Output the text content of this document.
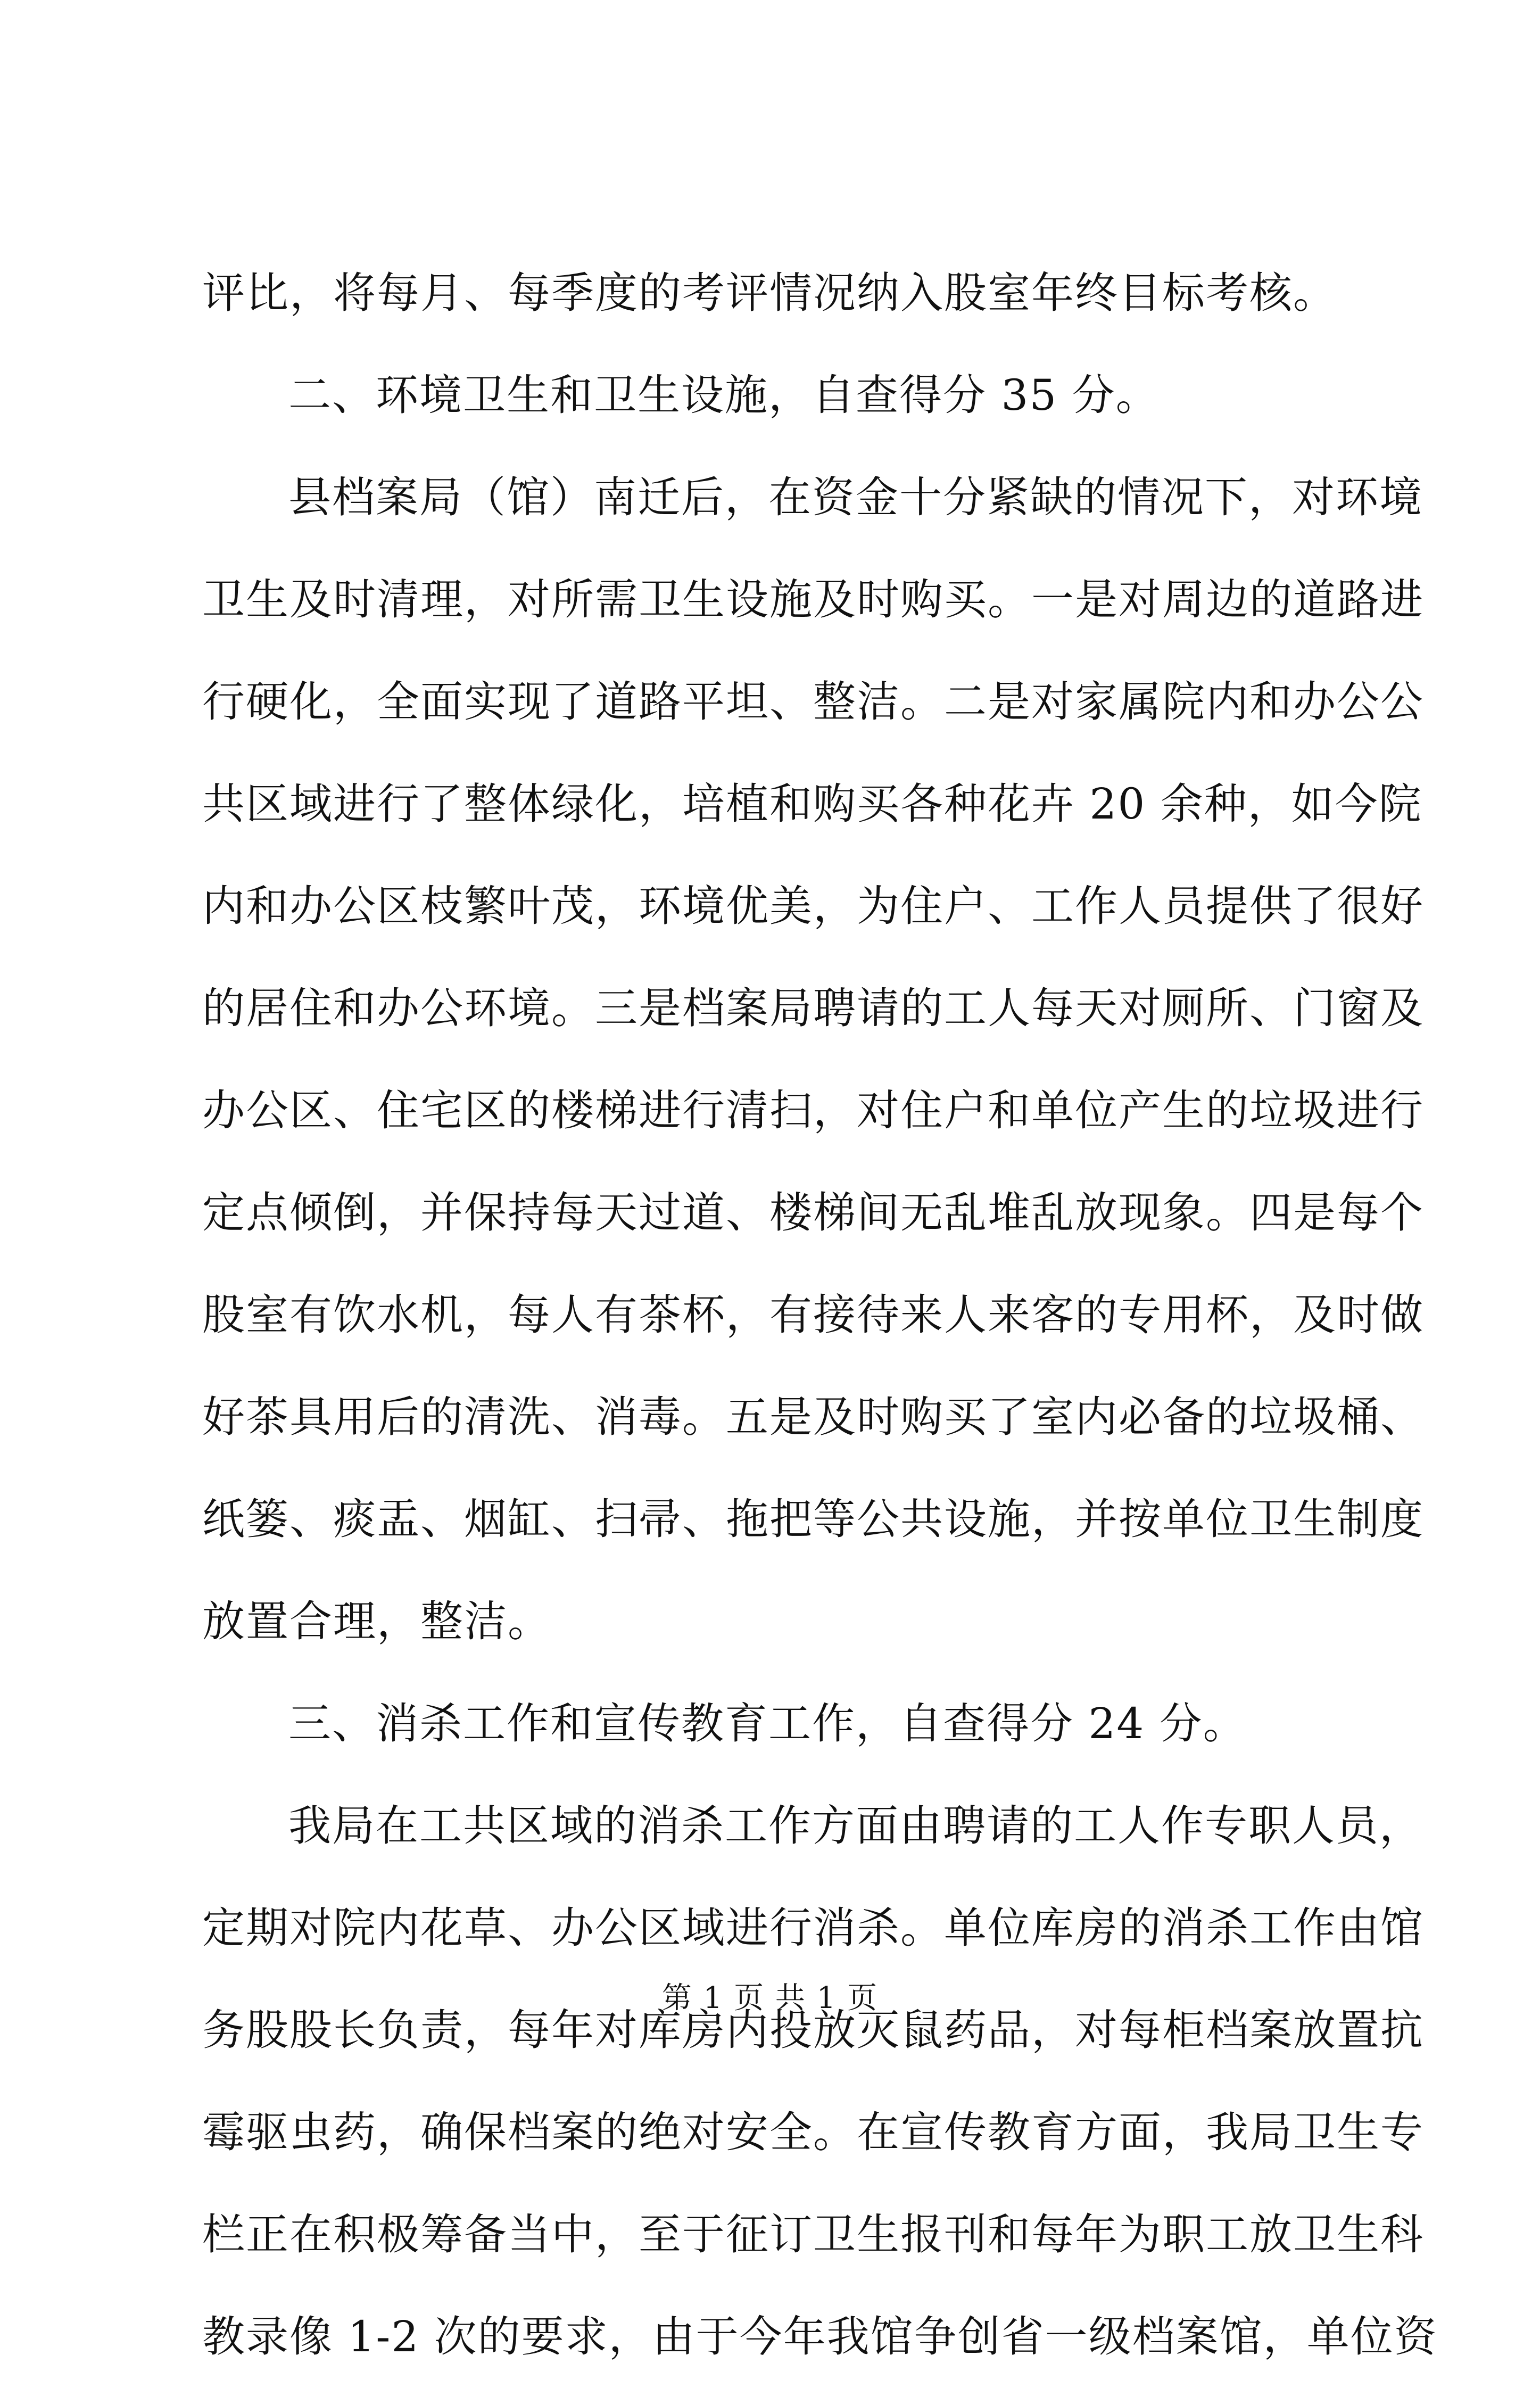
评比，将每月、每季度的考评情况纳入股室年终目标考核。
二、环境卫生和卫生设施，自查得分 35 分。
县档案局（馆）南迁后，在资金十分紧缺的情况下，对环境
卫生及时清理，对所需卫生设施及时购买。一是对周边的道路进
行硬化，全面实现了道路平坦、整洁。二是对家属院内和办公公
共区域进行了整体绿化，培植和购买各种花卉 20 余种，如今院
内和办公区枝繁叶茂，环境优美，为住户、工作人员提供了很好
的居住和办公环境。三是档案局聘请的工人每天对厕所、门窗及
办公区、住宅区的楼梯进行清扫，对住户和单位产生的垃圾进行
定点倾倒，并保持每天过道、楼梯间无乱堆乱放现象。四是每个
股室有饮水机，每人有茶杯，有接待来人来客的专用杯，及时做
好茶具用后的清洗、消毒。五是及时购买了室内必备的垃圾桶、
纸篓、痰盂、烟缸、扫帚、拖把等公共设施，并按单位卫生制度
放置合理，整洁。
三、消杀工作和宣传教育工作，自查得分 24 分。
我局在工共区域的消杀工作方面由聘请的工人作专职人员，
定期对院内花草、办公区域进行消杀。单位库房的消杀工作由馆
务股股长负责，每年对库房内投放灭鼠药品，对每柜档案放置抗
霉驱虫药，确保档案的绝对安全。在宣传教育方面，我局卫生专
栏正在积极筹备当中，至于征订卫生报刊和每年为职工放卫生科
教录像 1-2 次的要求，由于今年我馆争创省一级档案馆，单位资
第 1 页 共 1 页
